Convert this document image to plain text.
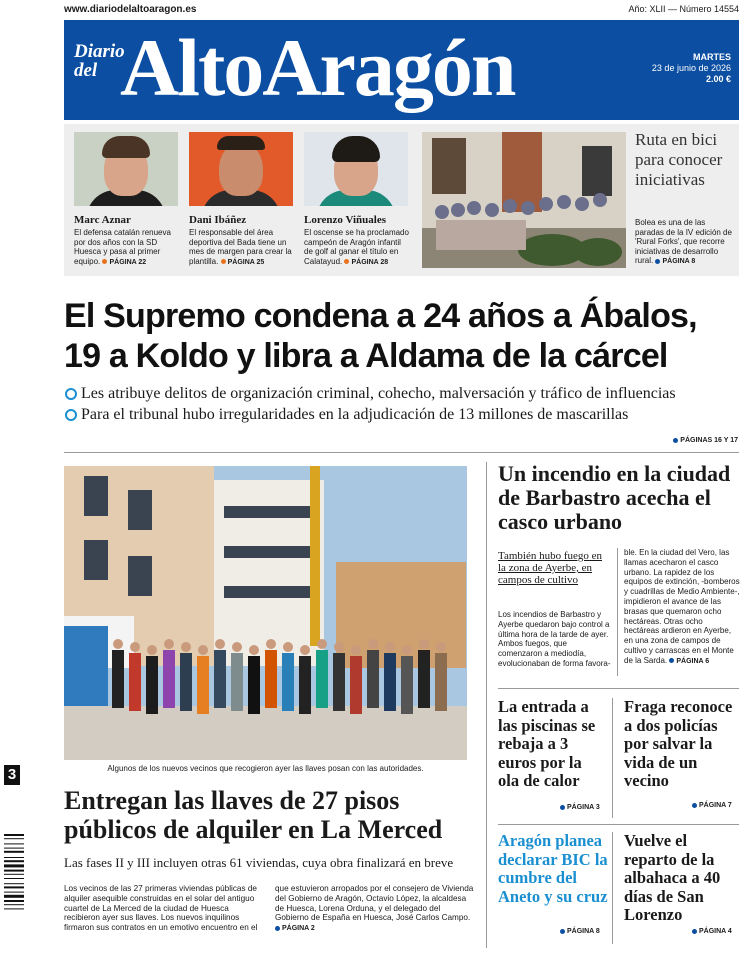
www.diariodelaltoaragon.es	Año: XLII — Número 14554
Diario
del AltoAragón	MARTES
23 de junio de 2026
2.00 €
Marc Aznar
El defensa catalán renueva por dos años con la SD Huesca y pasa al primer equipo. PÁGINA 22
Dani Ibáñez
El responsable del área deportiva del Bada tiene un mes de margen para crear la plantilla. PÁGINA 25
Lorenzo Viñuales
El oscense se ha proclamado campeón de Aragón infantil de golf al ganar el título en Calatayud. PÁGINA 28
Ruta en bici para conocer iniciativas
Bolea es una de las paradas de la IV edición de 'Rural Forks', que recorre iniciativas de desarrollo rural. PÁGINA 8
El Supremo condena a 24 años a Ábalos,
19 a Koldo y libra a Aldama de la cárcel
Les atribuye delitos de organización criminal, cohecho, malversación y tráfico de influencias
Para el tribunal hubo irregularidades en la adjudicación de 13 millones de mascarillas
PÁGINAS 16 Y 17
Algunos de los nuevos vecinos que recogieron ayer las llaves posan con las autoridades.
Entregan las llaves de 27 pisos públicos de alquiler en La Merced
Las fases II y III incluyen otras 61 viviendas, cuya obra finalizará en breve
Los vecinos de las 27 primeras viviendas públicas de alquiler asequible construidas en el solar del antiguo cuartel de La Merced de la ciudad de Huesca recibieron ayer sus llaves. Los nuevos inquilinos firmaron sus contratos en un emotivo encuentro en el que estuvieron arropados por el consejero de Vivienda del Gobierno de Aragón, Octavio López, la alcaldesa de Huesca, Lorena Orduna, y el delegado del Gobierno de España en Huesca, José Carlos Campo. PÁGINA 2
Un incendio en la ciudad de Barbastro acecha el casco urbano
También hubo fuego en la zona de Ayerbe, en campos de cultivo
Los incendios de Barbastro y Ayerbe quedaron bajo control a última hora de la tarde de ayer. Ambos fuegos, que comenzaron a mediodía, evolucionaban de forma favora-
ble. En la ciudad del Vero, las llamas acecharon el casco urbano. La rapidez de los equipos de extinción, -bomberos y cuadrillas de Medio Ambiente-, impidieron el avance de las brasas que quemaron ocho hectáreas. Otras ocho hectáreas ardieron en Ayerbe, en una zona de campos de cultivo y carrascas en el Monte de la Sarda. PÁGINA 6
La entrada a las piscinas se rebaja a 3 euros por la ola de calor
PÁGINA 3
Fraga reconoce a dos policías por salvar la vida de un vecino
PÁGINA 7
Aragón planea declarar BIC la cumbre del Aneto y su cruz
PÁGINA 8
Vuelve el reparto de la albahaca a 40 días de San Lorenzo
PÁGINA 4
3
